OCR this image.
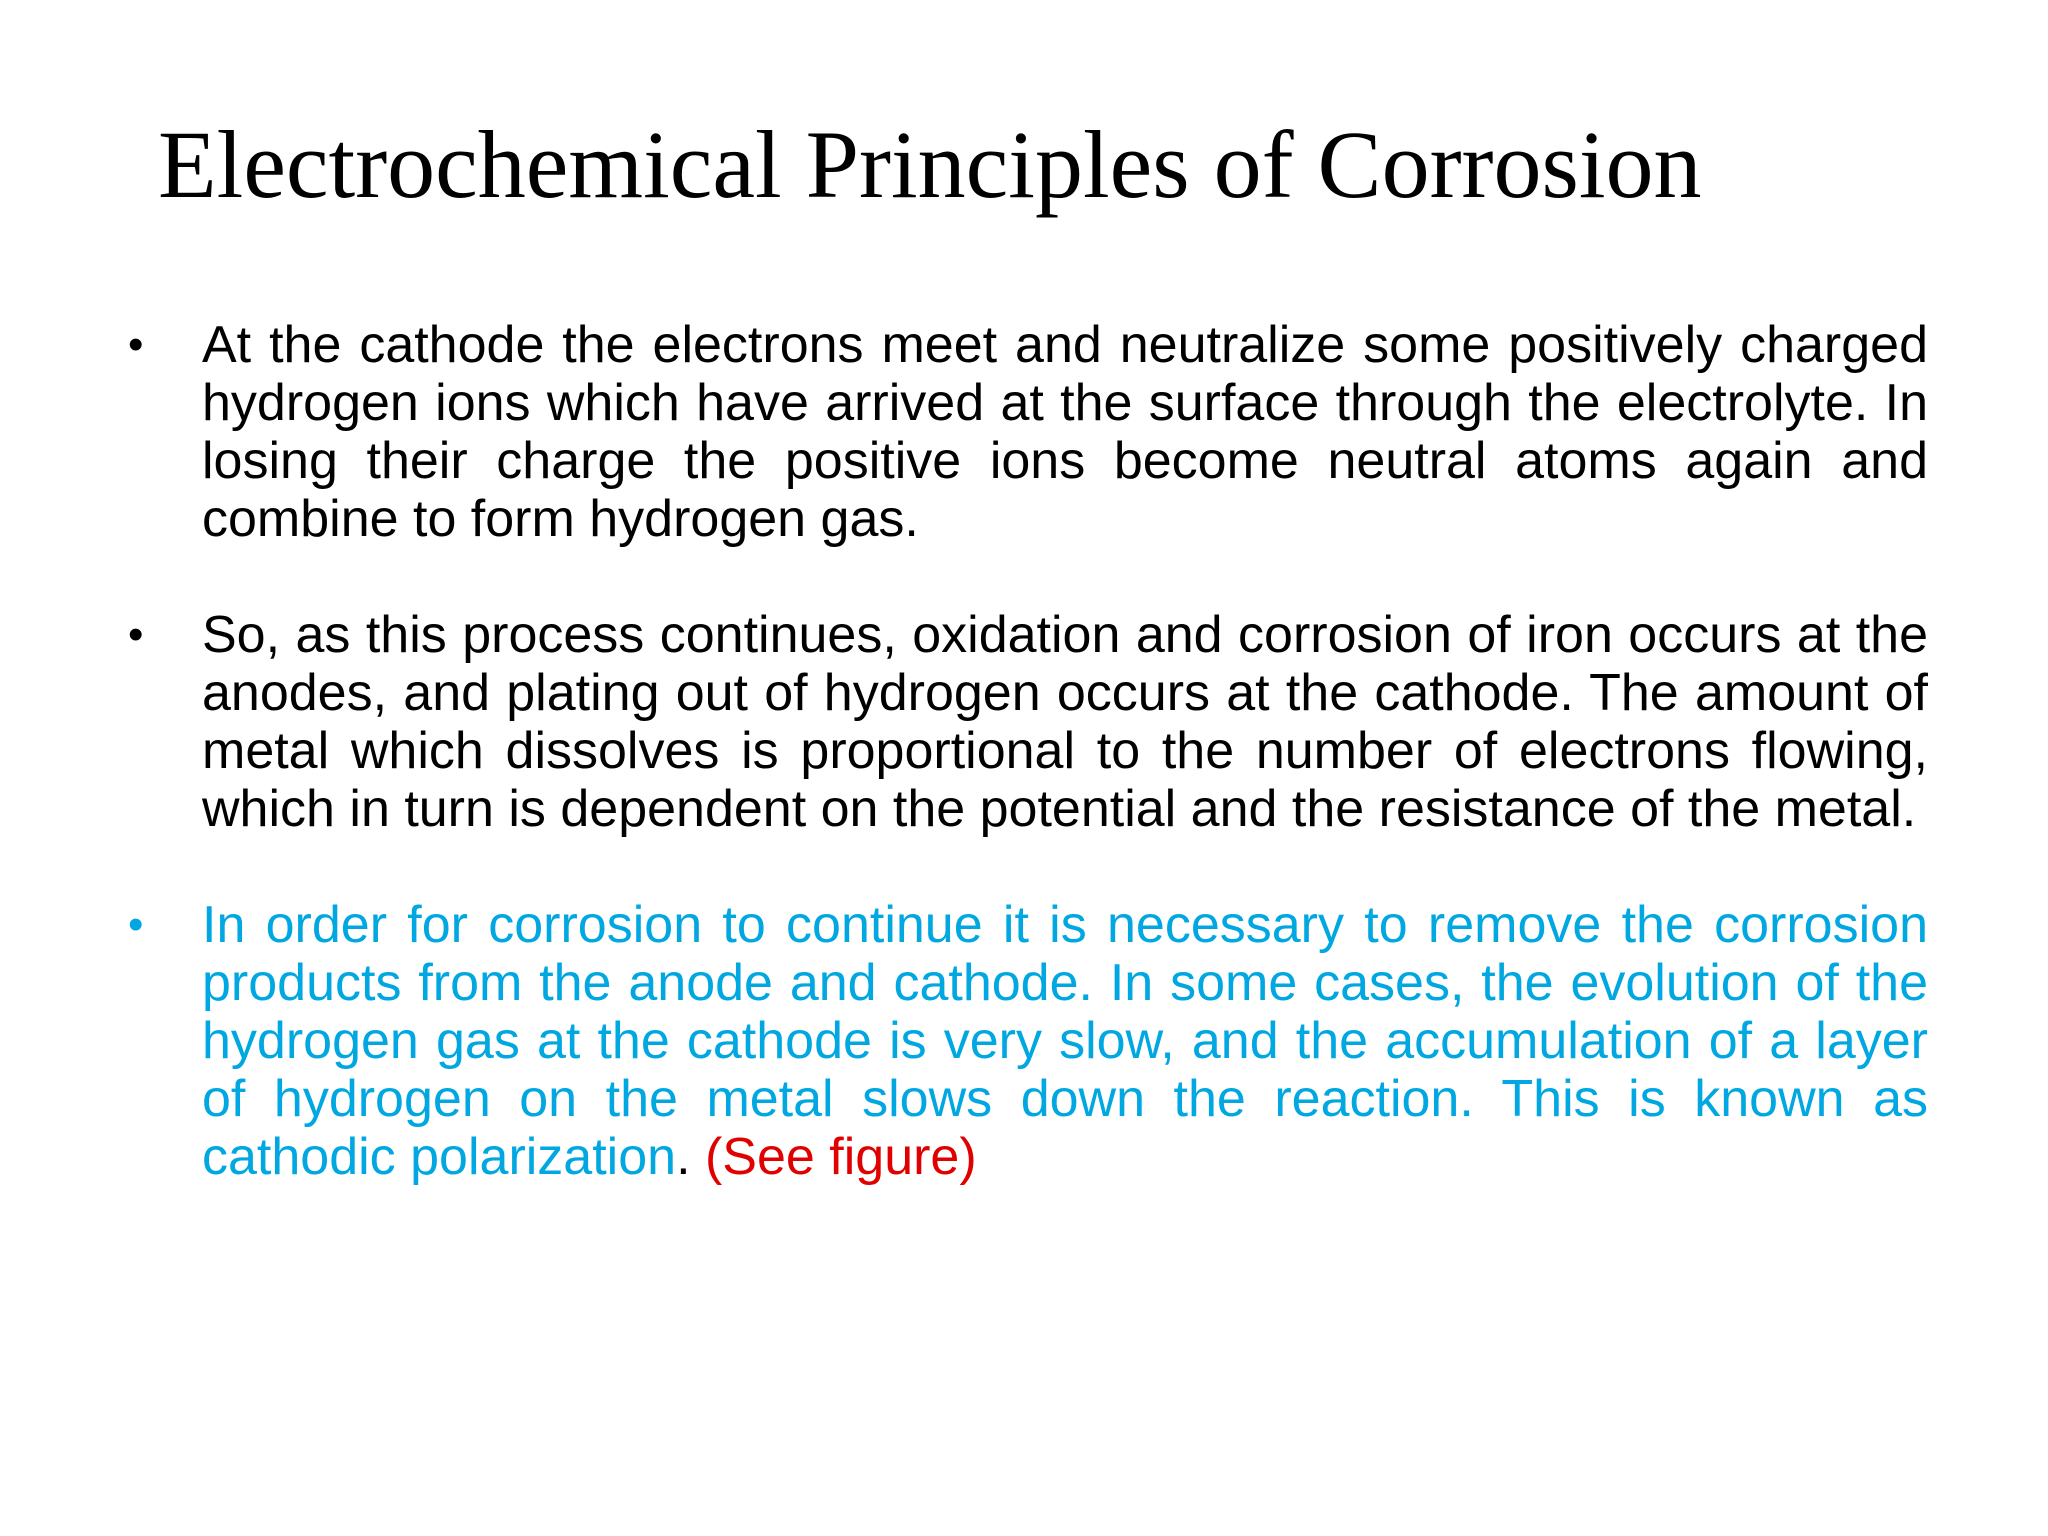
Electrochemical Principles of Corrosion
• At the cathode the electrons meet and neutralize some positively charged hydrogen ions which have arrived at the surface through the electrolyte. In losing their charge the positive ions become neutral atoms again and combine to form hydrogen gas.
• So, as this process continues, oxidation and corrosion of iron occurs at the anodes, and plating out of hydrogen occurs at the cathode. The amount of metal which dissolves is proportional to the number of electrons flowing, which in turn is dependent on the potential and the resistance of the metal.
• In order for corrosion to continue it is necessary to remove the corrosion products from the anode and cathode. In some cases, the evolution of the hydrogen gas at the cathode is very slow, and the accumulation of a layer of hydrogen on the metal slows down the reaction. This is known as cathodic polarization. (See figure)
